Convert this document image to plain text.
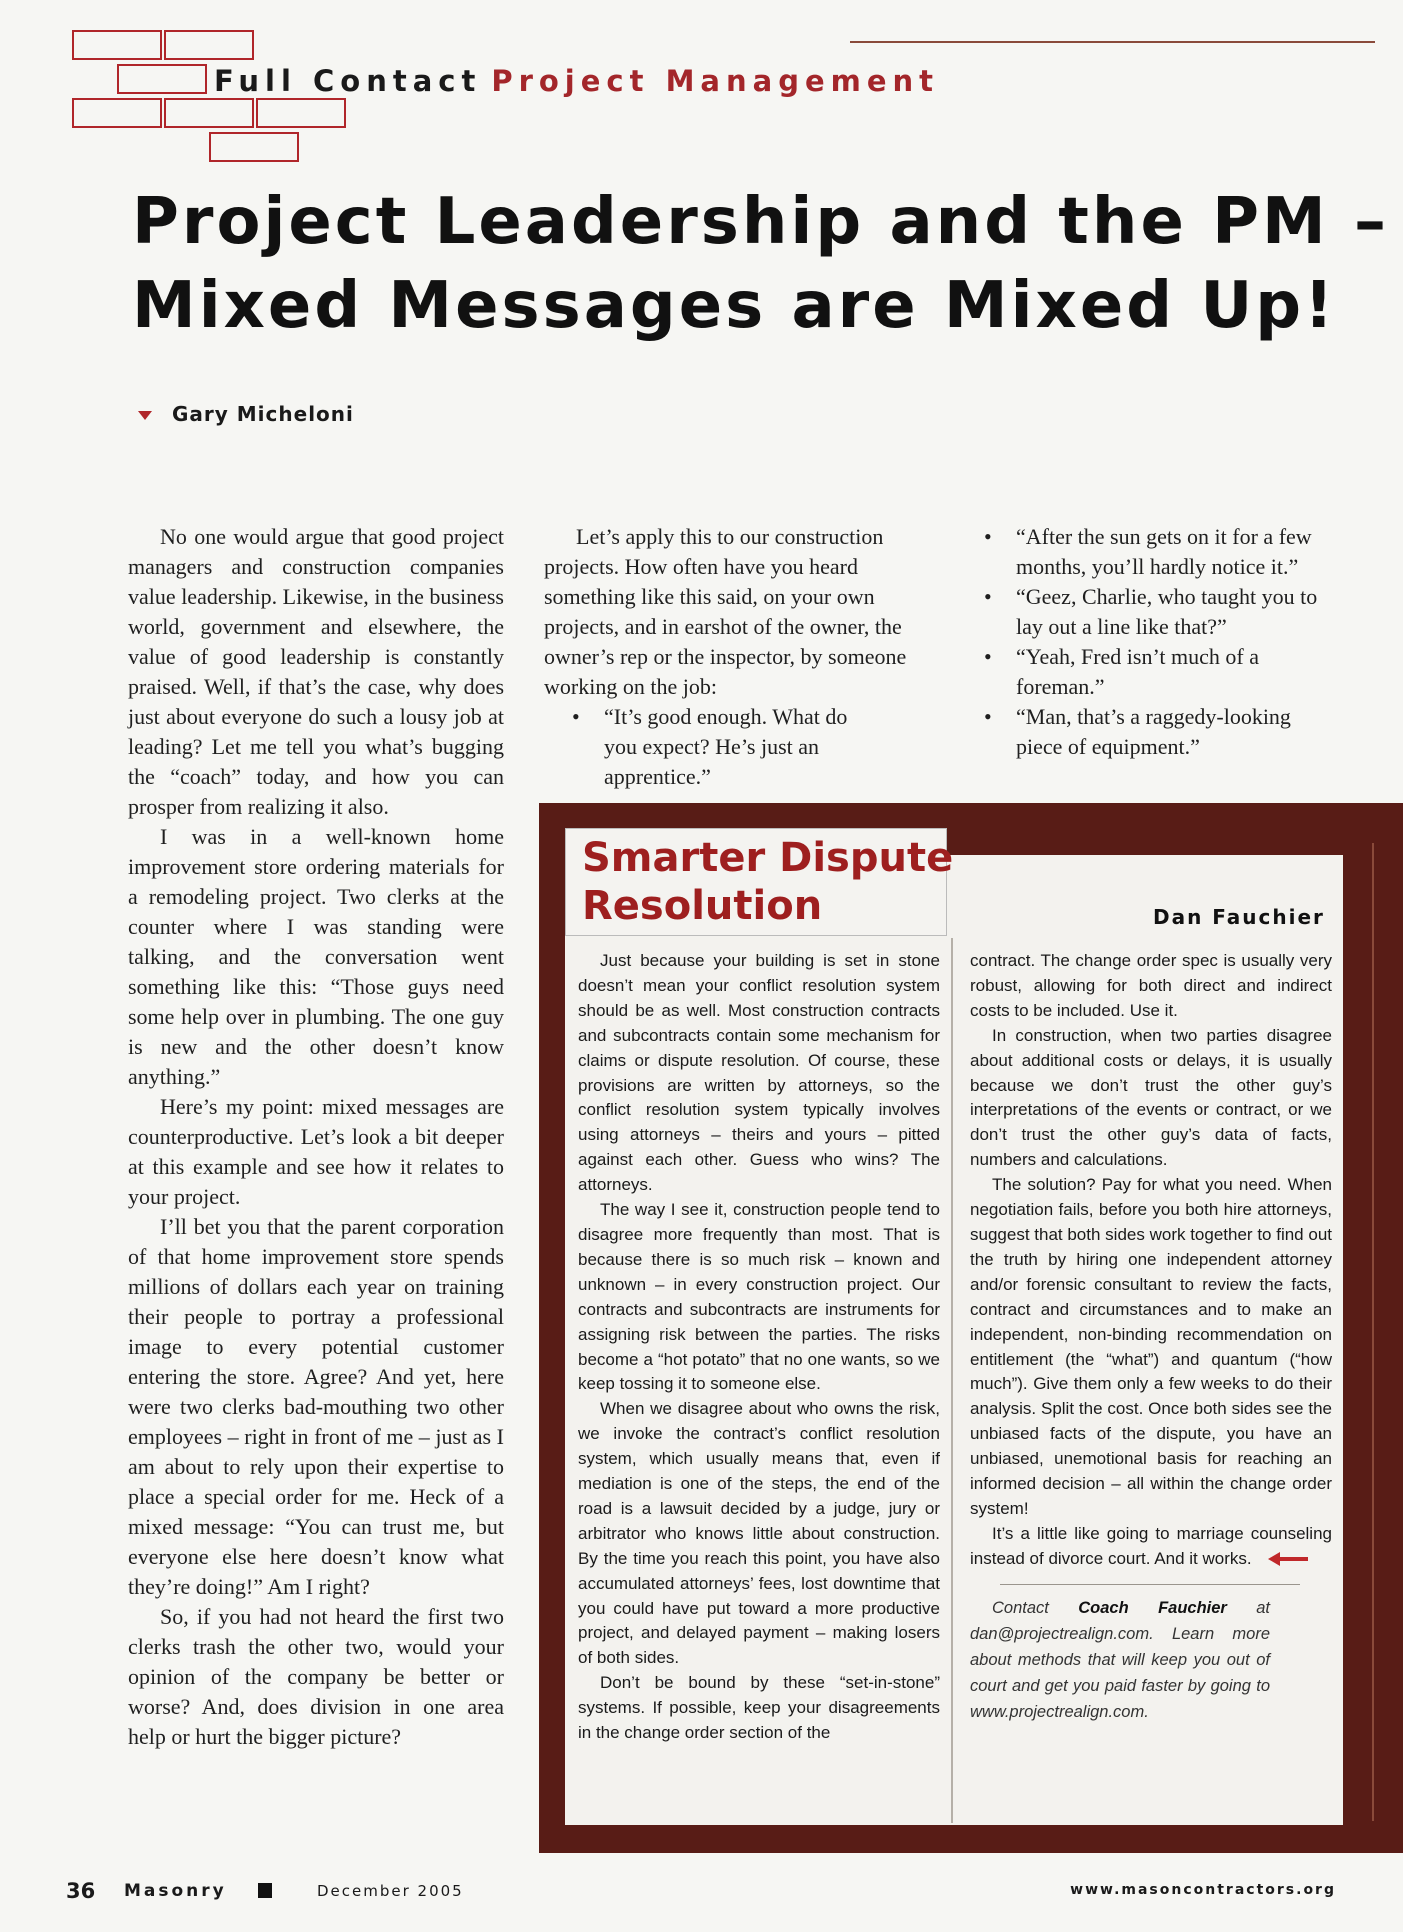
Full Contact Project Management
Project Leadership and the PM –
Mixed Messages are Mixed Up!
Gary Micheloni

No one would argue that good project managers and construction companies value leadership. Likewise, in the business world, government and elsewhere, the value of good leadership is constantly praised. Well, if that’s the case, why does just about everyone do such a lousy job at leading? Let me tell you what’s bugging the “coach” today, and how you can prosper from realizing it also.

I was in a well-known home improvement store ordering materials for a remodeling project. Two clerks at the counter where I was standing were talking, and the conversation went something like this: “Those guys need some help over in plumbing. The one guy is new and the other doesn’t know anything.”

Here’s my point: mixed messages are counterproductive. Let’s look a bit deeper at this example and see how it relates to your project.

I’ll bet you that the parent corporation of that home improvement store spends millions of dollars each year on training their people to portray a professional image to every potential customer entering the store. Agree? And yet, here were two clerks bad-mouthing two other employees – right in front of me – just as I am about to rely upon their expertise to place a special order for me. Heck of a mixed message: “You can trust me, but everyone else here doesn’t know what they’re doing!” Am I right?

So, if you had not heard the first two clerks trash the other two, would your opinion of the company be better or worse? And, does division in one area help or hurt the bigger picture?

Let’s apply this to our construction projects. How often have you heard something like this said, on your own projects, and in earshot of the owner, the owner’s rep or the inspector, by someone working on the job:

• “It’s good enough. What do you expect? He’s just an apprentice.”
• “After the sun gets on it for a few months, you’ll hardly notice it.”
• “Geez, Charlie, who taught you to lay out a line like that?”
• “Yeah, Fred isn’t much of a foreman.”
• “Man, that’s a raggedy-looking piece of equipment.”
Smarter Dispute
Resolution	Dan Fauchier

Just because your building is set in stone doesn’t mean your conflict resolution system should be as well. Most construction contracts and subcontracts contain some mechanism for claims or dispute resolution. Of course, these provisions are written by attorneys, so the conflict resolution system typically involves using attorneys – theirs and yours – pitted against each other. Guess who wins? The attorneys.

The way I see it, construction people tend to disagree more frequently than most. That is because there is so much risk – known and unknown – in every construction project. Our contracts and subcontracts are instruments for assigning risk between the parties. The risks become a “hot potato” that no one wants, so we keep tossing it to someone else.

When we disagree about who owns the risk, we invoke the contract’s conflict resolution system, which usually means that, even if mediation is one of the steps, the end of the road is a lawsuit decided by a judge, jury or arbitrator who knows little about construction. By the time you reach this point, you have also accumulated attorneys’ fees, lost downtime that you could have put toward a more productive project, and delayed payment – making losers of both sides.

Don’t be bound by these “set-in-stone” systems. If possible, keep your disagreements in the change order section of the

contract. The change order spec is usually very robust, allowing for both direct and indirect costs to be included. Use it.

In construction, when two parties disagree about additional costs or delays, it is usually because we don’t trust the other guy’s interpretations of the events or contract, or we don’t trust the other guy’s data of facts, numbers and calculations.

The solution? Pay for what you need. When negotiation fails, before you both hire attorneys, suggest that both sides work together to find out the truth by hiring one independent attorney and/or forensic consultant to review the facts, contract and circumstances and to make an independent, non-binding recommendation on entitlement (the “what”) and quantum (“how much”). Give them only a few weeks to do their analysis. Split the cost. Once both sides see the unbiased facts of the dispute, you have an unbiased, unemotional basis for reaching an informed decision – all within the change order system!

It’s a little like going to marriage counseling instead of divorce court. And it works.

Contact Coach Fauchier at dan@projectrealign.com. Learn more about methods that will keep you out of court and get you paid faster by going to www.projectrealign.com.

36 Masonry	December 2005	www.masoncontractors.org
